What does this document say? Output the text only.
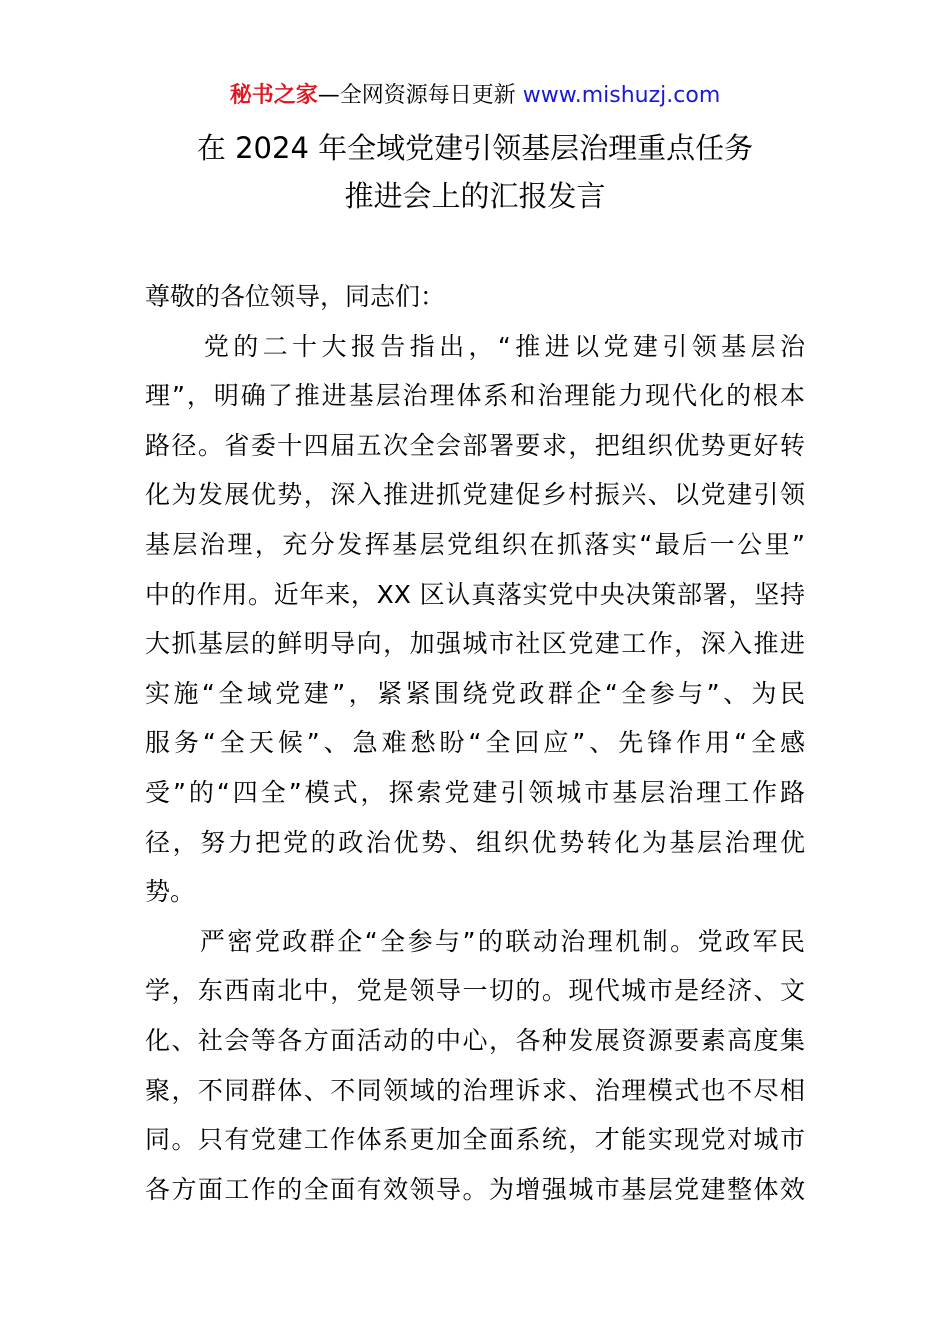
秘书之家—全网资源每日更新 www.mishuzj.com
在 2024 年全域党建引领基层治理重点任务
推进会上的汇报发言
尊敬的各位领导，同志们：
　　党的二十大报告指出，“推进以党建引领基层治
理”，明确了推进基层治理体系和治理能力现代化的根本
路径。省委十四届五次全会部署要求，把组织优势更好转
化为发展优势，深入推进抓党建促乡村振兴、以党建引领
基层治理，充分发挥基层党组织在抓落实“最后一公里”
中的作用。近年来，XX 区认真落实党中央决策部署，坚持
大抓基层的鲜明导向，加强城市社区党建工作，深入推进
实施“全域党建”，紧紧围绕党政群企“全参与”、为民
服务“全天候”、急难愁盼“全回应”、先锋作用“全感
受”的“四全”模式，探索党建引领城市基层治理工作路
径，努力把党的政治优势、组织优势转化为基层治理优
势。
　　严密党政群企“全参与”的联动治理机制。党政军民
学，东西南北中，党是领导一切的。现代城市是经济、文
化、社会等各方面活动的中心，各种发展资源要素高度集
聚，不同群体、不同领域的治理诉求、治理模式也不尽相
同。只有党建工作体系更加全面系统，才能实现党对城市
各方面工作的全面有效领导。为增强城市基层党建整体效
